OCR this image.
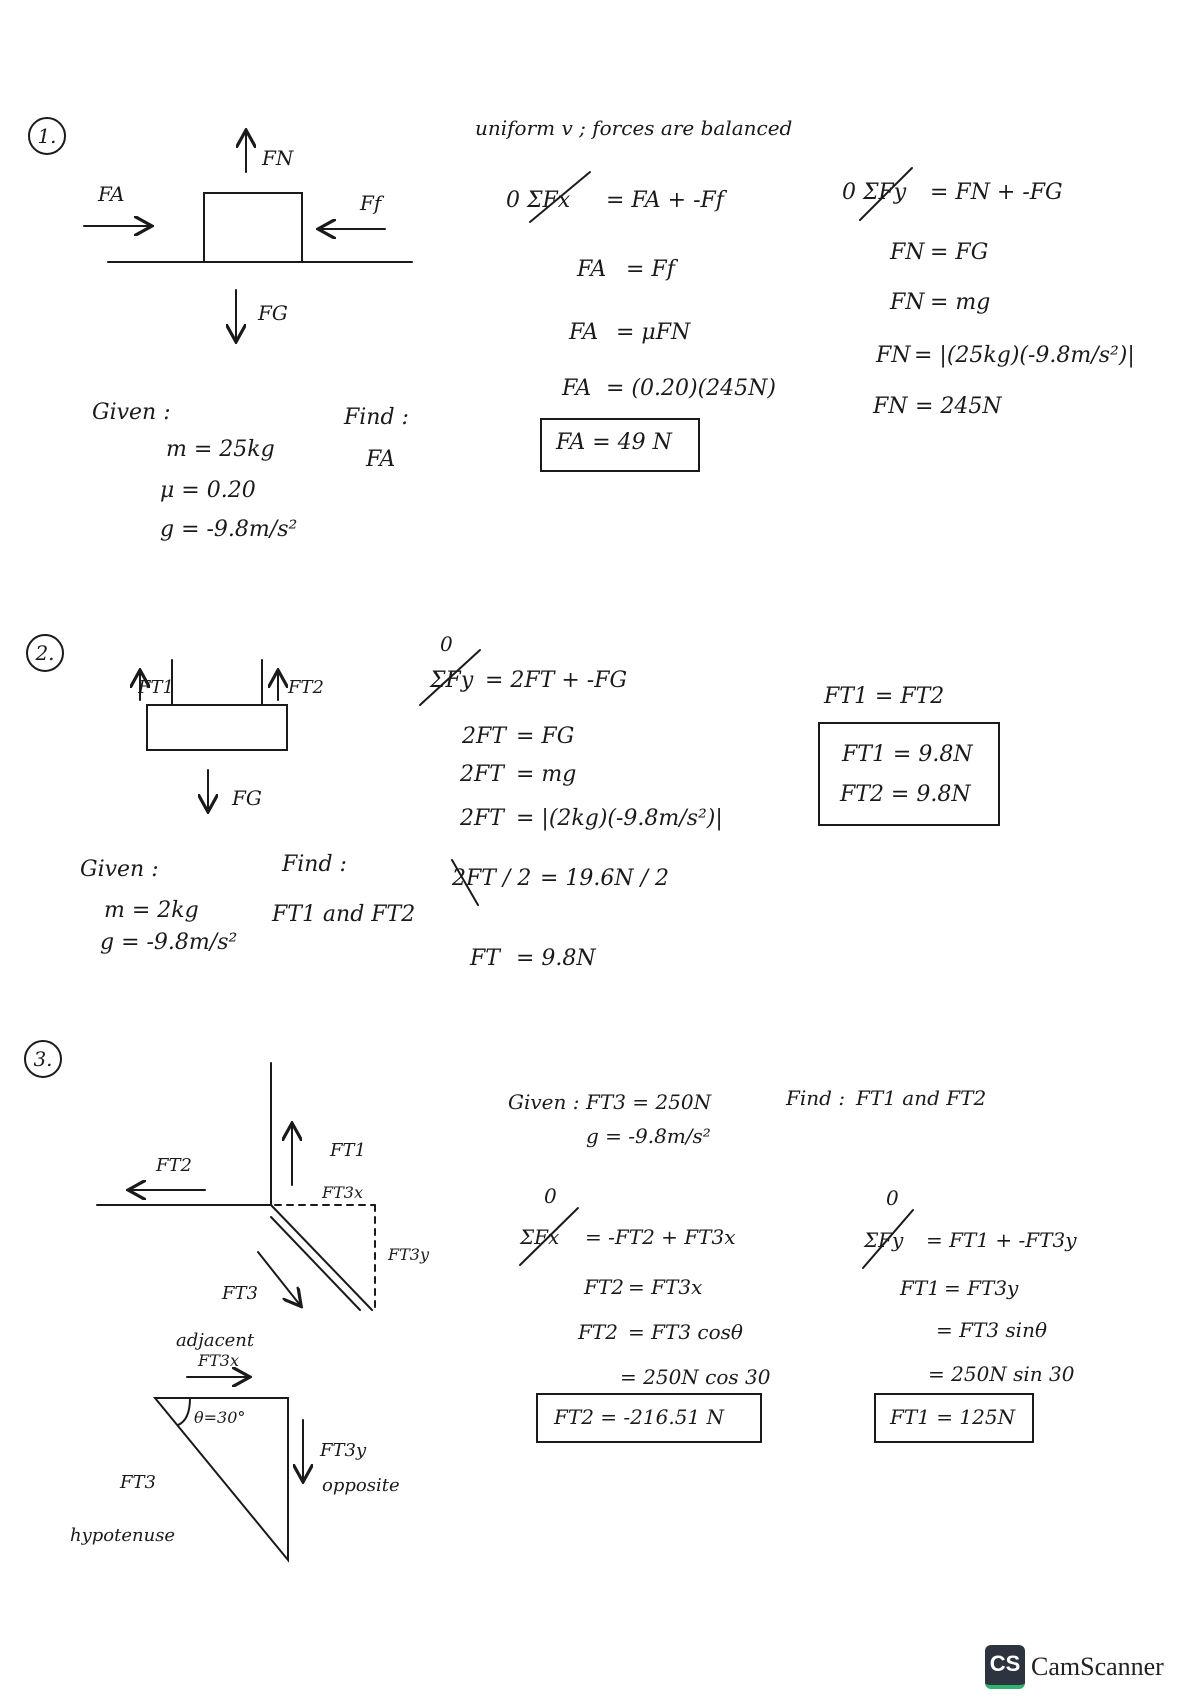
1.
FA
FN
Ff
FG
uniform v ; forces are balanced
Given :	Find :
m = 25kg
μ = 0.20
g = -9.8m/s²
FA
0 ΣFx = FA + -Ff
FA = Ff
FA = μFN
FA = (0.20)(245N)
FA = 49 N
0 ΣFy = FN + -FG
FN = FG
FN = mg
FN = |(25kg)(-9.8m/s²)|
FN = 245N
2.
FT1	FT2
FG
Given :	Find :
m = 2kg
g = -9.8m/s²
FT1 and FT2
0
ΣFy = 2FT + -FG
2FT = FG
2FT = mg
2FT = |(2kg)(-9.8m/s²)|
2FT / 2 = 19.6N / 2
FT = 9.8N
FT1 = FT2
FT1 = 9.8N
FT2 = 9.8N
3.
FT1
FT2
FT3x
FT3y
FT3
adjacent
FT3x
θ=30°
FT3y
opposite
FT3
hypotenuse
Given : FT3 = 250N
g = -9.8m/s²
Find : FT1 and FT2
0
ΣFx = -FT2 + FT3x
FT2 = FT3x
FT2 = FT3 cosθ
= 250N cos 30
FT2 = -216.51 N
0
ΣFy = FT1 + -FT3y
FT1 = FT3y
= FT3 sinθ
= 250N sin 30
FT1 = 125N
CS CamScanner
